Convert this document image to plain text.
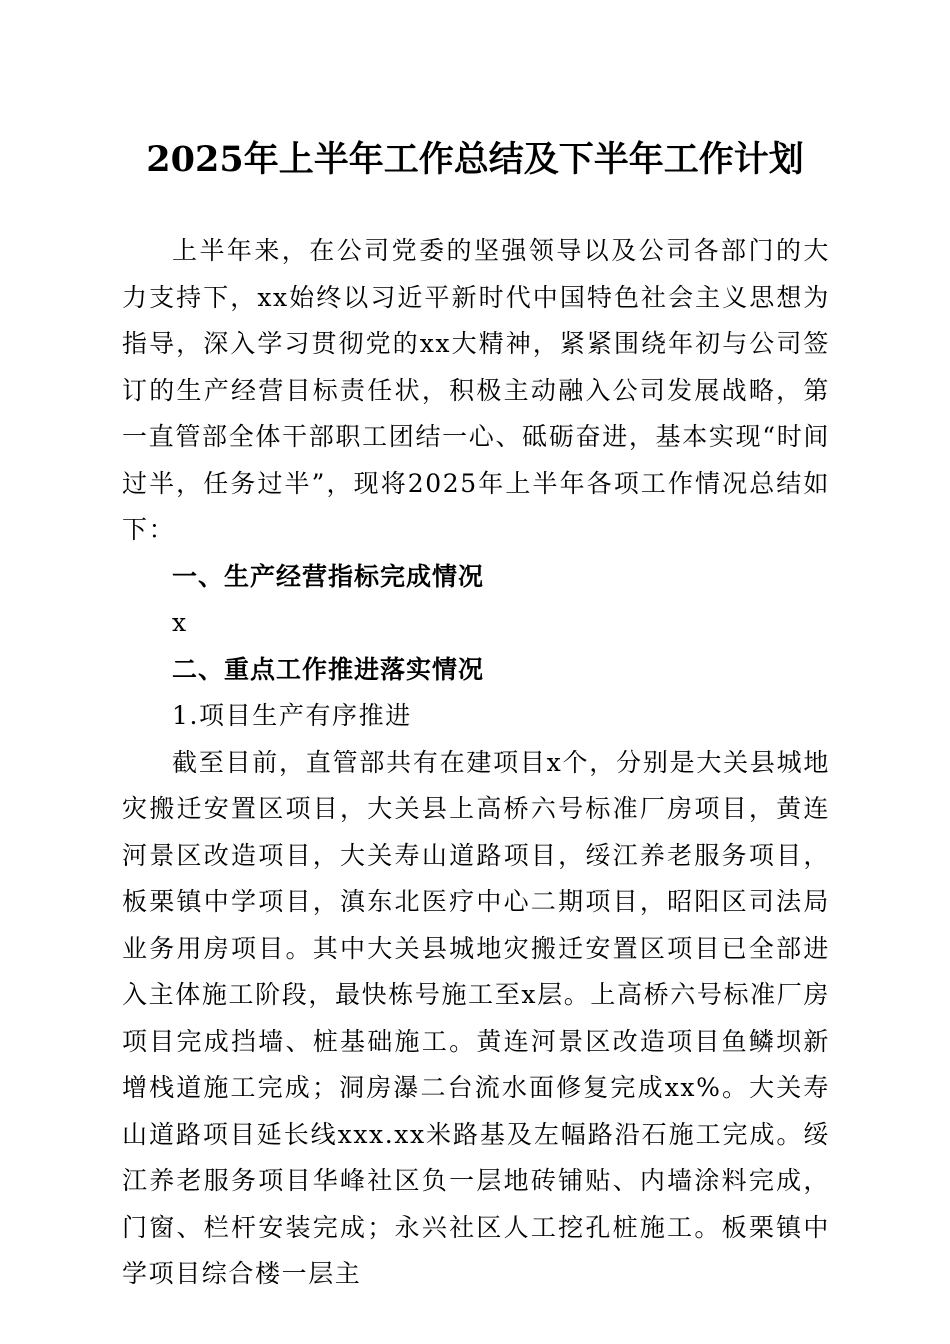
2025年上半年工作总结及下半年工作计划

上半年来，在公司党委的坚强领导以及公司各部门的大力支持下，xx始终以习近平新时代中国特色社会主义思想为指导，深入学习贯彻党的xx大精神，紧紧围绕年初与公司签订的生产经营目标责任状，积极主动融入公司发展战略，第一直管部全体干部职工团结一心、砥砺奋进，基本实现“时间过半，任务过半”，现将2025年上半年各项工作情况总结如下：

一、生产经营指标完成情况

x

二、重点工作推进落实情况

1.项目生产有序推进

截至目前，直管部共有在建项目x个，分别是大关县城地灾搬迁安置区项目，大关县上高桥六号标准厂房项目，黄连河景区改造项目，大关寿山道路项目，绥江养老服务项目，板栗镇中学项目，滇东北医疗中心二期项目，昭阳区司法局业务用房项目。其中大关县城地灾搬迁安置区项目已全部进入主体施工阶段，最快栋号施工至x层。上高桥六号标准厂房项目完成挡墙、桩基础施工。黄连河景区改造项目鱼鳞坝新增栈道施工完成；洞房瀑二台流水面修复完成xx%。大关寿山道路项目延长线xxx.xx米路基及左幅路沿石施工完成。绥江养老服务项目华峰社区负一层地砖铺贴、内墙涂料完成，门窗、栏杆安装完成；永兴社区人工挖孔桩施工。板栗镇中学项目综合楼一层主
